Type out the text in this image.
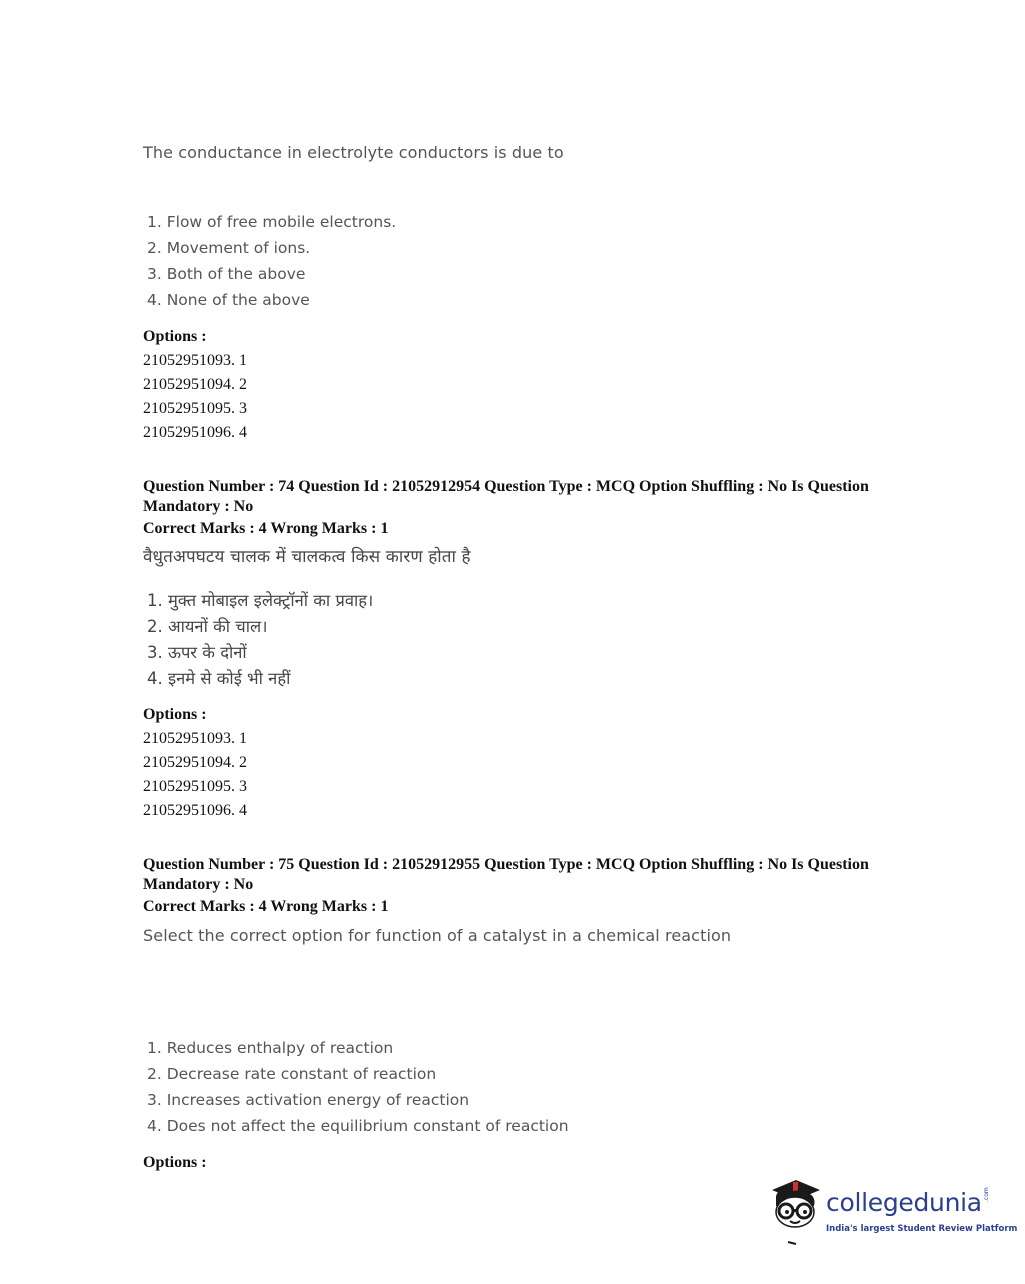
The conductance in electrolyte conductors is due to
1. Flow of free mobile electrons.
2. Movement of ions.
3. Both of the above
4. None of the above
Options :
21052951093. 1
21052951094. 2
21052951095. 3
21052951096. 4
Question Number : 74 Question Id : 21052912954 Question Type : MCQ Option Shuffling : No Is Question Mandatory : No
Correct Marks : 4 Wrong Marks : 1
वैधुतअपघटय चालक में चालकत्व किस कारण होता है
1. मुक्त मोबाइल इलेक्ट्रॉनों का प्रवाह।
2. आयनों की चाल।
3. ऊपर के दोनों
4. इनमे से कोई भी नहीं
Options :
21052951093. 1
21052951094. 2
21052951095. 3
21052951096. 4
Question Number : 75 Question Id : 21052912955 Question Type : MCQ Option Shuffling : No Is Question Mandatory : No
Correct Marks : 4 Wrong Marks : 1
Select the correct option for function of a catalyst in a chemical reaction
1. Reduces enthalpy of reaction
2. Decrease rate constant of reaction
3. Increases activation energy of reaction
4. Does not affect the equilibrium constant of reaction
Options :
collegedunia .com
India's largest Student Review Platform
